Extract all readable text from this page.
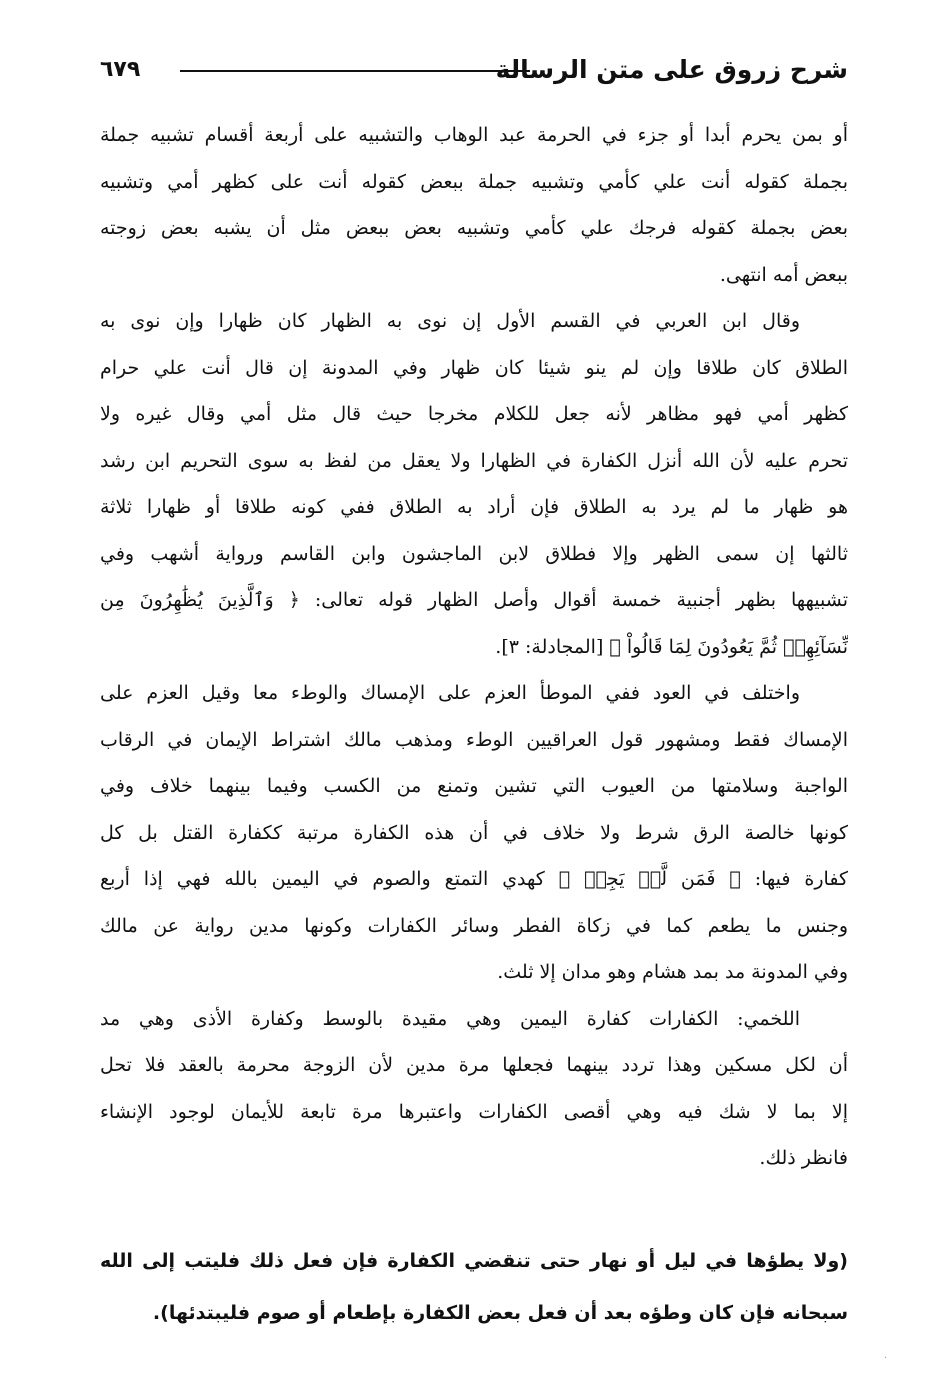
شرح زروق على متن الرسالة
٦٧٩
أو بمن يحرم أبدا أو جزء في الحرمة عبد الوهاب والتشبيه على أربعة أقسام تشبيه جملة
بجملة كقوله أنت علي كأمي وتشبيه جملة ببعض كقوله أنت على كظهر أمي وتشبيه
بعض بجملة كقوله فرجك علي كأمي وتشبيه بعض ببعض مثل أن يشبه بعض زوجته
ببعض أمه انتهى.
وقال ابن العربي في القسم الأول إن نوى به الظهار كان ظهارا وإن نوى به
الطلاق كان طلاقا وإن لم ينو شيئا كان ظهار وفي المدونة إن قال أنت علي حرام
كظهر أمي فهو مظاهر لأنه جعل للكلام مخرجا حيث قال مثل أمي وقال غيره ولا
تحرم عليه لأن الله أنزل الكفارة في الظهارا ولا يعقل من لفظ به سوى التحريم ابن رشد
هو ظهار ما لم يرد به الطلاق فإن أراد به الطلاق ففي كونه طلاقا أو ظهارا ثلاثة
ثالثها إن سمى الظهر وإلا فطلاق لابن الماجشون وابن القاسم ورواية أشهب وفي
تشبيهها بظهر أجنبية خمسة أقوال وأصل الظهار قوله تعالى: ﴿ وَٱلَّذِينَ يُظَٰهِرُونَ مِن
نِّسَآئِهِمۡ ثُمَّ يَعُودُونَ لِمَا قَالُواْ ﴾ [المجادلة: ٣].
واختلف في العود ففي الموطأ العزم على الإمساك والوطء معا وقيل العزم على
الإمساك فقط ومشهور قول العراقيين الوطء ومذهب مالك اشتراط الإيمان في الرقاب
الواجبة وسلامتها من العيوب التي تشين وتمنع من الكسب وفيما بينهما خلاف وفي
كونها خالصة الرق شرط ولا خلاف في أن هذه الكفارة مرتبة ككفارة القتل بل كل
كفارة فيها: ﴿ فَمَن لَّمۡ يَجِدۡ ﴾ كهدي التمتع والصوم في اليمين بالله فهي إذا أربع
وجنس ما يطعم كما في زكاة الفطر وسائر الكفارات وكونها مدين رواية عن مالك
وفي المدونة مد بمد هشام وهو مدان إلا ثلث.
اللخمي: الكفارات كفارة اليمين وهي مقيدة بالوسط وكفارة الأذى وهي مد
أن لكل مسكين وهذا تردد بينهما فجعلها مرة مدين لأن الزوجة محرمة بالعقد فلا تحل
إلا بما لا شك فيه وهي أقصى الكفارات واعتبرها مرة تابعة للأيمان لوجود الإنشاء
فانظر ذلك.
(ولا يطؤها في ليل أو نهار حتى تنقضي الكفارة فإن فعل ذلك فليتب إلى الله
سبحانه فإن كان وطؤه بعد أن فعل بعض الكفارة بإطعام أو صوم فليبتدئها).
·
